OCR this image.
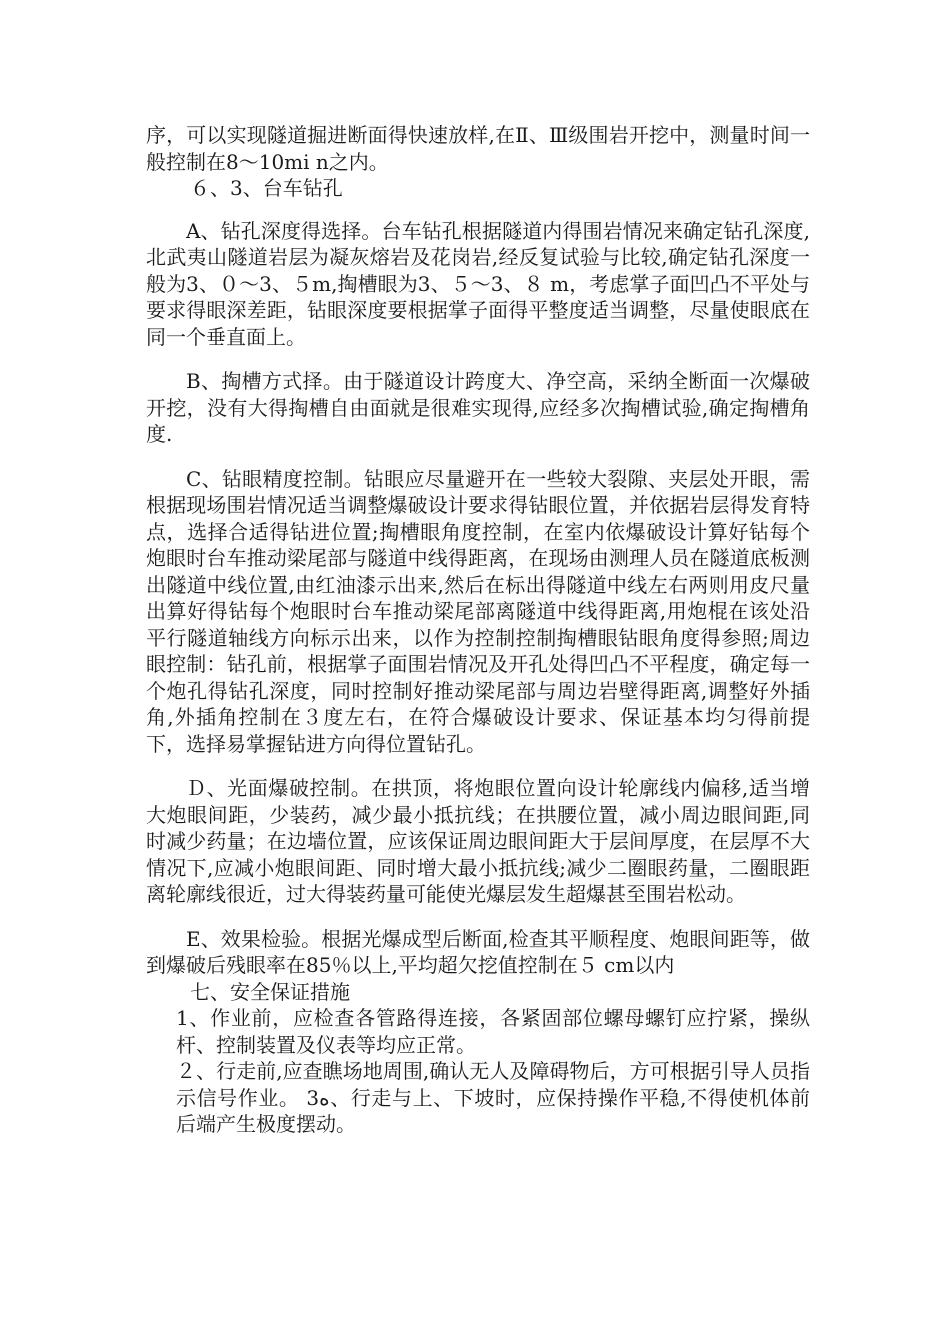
序，可以实现隧道掘进断面得快速放样,在Ⅱ、Ⅲ级围岩开挖中，测量时间一般控制在8～10mi n之内。

６、3、台车钻孔

A、钻孔深度得选择。台车钻孔根据隧道内得围岩情况来确定钻孔深度,北武夷山隧道岩层为凝灰熔岩及花岗岩,经反复试验与比较,确定钻孔深度一般为3、０～3、５m,掏槽眼为3、５～3、８ m，考虑掌子面凹凸不平处与要求得眼深差距，钻眼深度要根据掌子面得平整度适当调整，尽量使眼底在同一个垂直面上。

B、掏槽方式择。由于隧道设计跨度大、净空高，采纳全断面一次爆破开挖，没有大得掏槽自由面就是很难实现得,应经多次掏槽试验,确定掏槽角度.

C、钻眼精度控制。钻眼应尽量避开在一些较大裂隙、夹层处开眼，需根据现场围岩情况适当调整爆破设计要求得钻眼位置，并依据岩层得发育特点，选择合适得钻进位置;掏槽眼角度控制，在室内依爆破设计算好钻每个炮眼时台车推动梁尾部与隧道中线得距离，在现场由测理人员在隧道底板测出隧道中线位置,由红油漆示出来,然后在标出得隧道中线左右两则用皮尺量出算好得钻每个炮眼时台车推动梁尾部离隧道中线得距离,用炮棍在该处沿平行隧道轴线方向标示出来，以作为控制控制掏槽眼钻眼角度得参照;周边眼控制：钻孔前，根据掌子面围岩情况及开孔处得凹凸不平程度，确定每一个炮孔得钻孔深度，同时控制好推动梁尾部与周边岩壁得距离,调整好外插角,外插角控制在３度左右，在符合爆破设计要求、保证基本均匀得前提下，选择易掌握钻进方向得位置钻孔。

Ｄ、光面爆破控制。在拱顶，将炮眼位置向设计轮廓线内偏移,适当增大炮眼间距，少装药，减少最小抵抗线；在拱腰位置，减小周边眼间距,同时减少药量；在边墙位置，应该保证周边眼间距大于层间厚度，在层厚不大情况下,应减小炮眼间距、同时增大最小抵抗线;减少二圈眼药量，二圈眼距离轮廓线很近，过大得装药量可能使光爆层发生超爆甚至围岩松动。

E、效果检验。根据光爆成型后断面,检查其平顺程度、炮眼间距等，做到爆破后残眼率在85％以上,平均超欠挖值控制在５ cm以内

七、安全保证措施

1、作业前，应检查各管路得连接，各紧固部位螺母螺钉应拧紧，操纵杆、控制装置及仪表等均应正常。

２、行走前,应查瞧场地周围,确认无人及障碍物后，方可根据引导人员指示信号作业。 3ﻩ、行走与上、下坡时，应保持操作平稳,不得使机体前后端产生极度摆动。
